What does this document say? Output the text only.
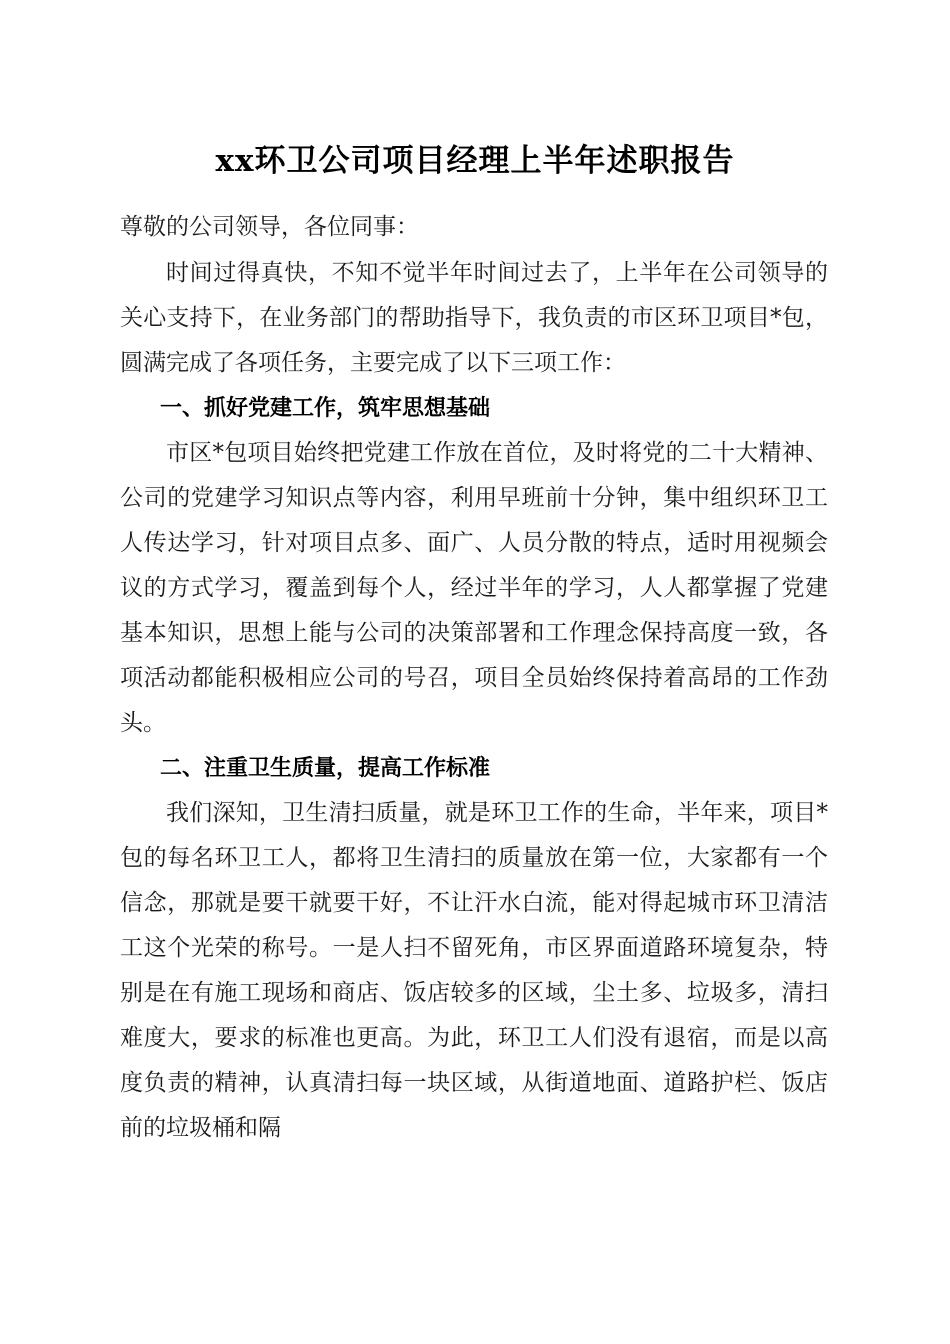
xx环卫公司项目经理上半年述职报告

尊敬的公司领导，各位同事：

时间过得真快，不知不觉半年时间过去了，上半年在公司领导的关心支持下，在业务部门的帮助指导下，我负责的市区环卫项目*包，圆满完成了各项任务，主要完成了以下三项工作：

一、抓好党建工作，筑牢思想基础

市区*包项目始终把党建工作放在首位，及时将党的二十大精神、公司的党建学习知识点等内容，利用早班前十分钟，集中组织环卫工人传达学习，针对项目点多、面广、人员分散的特点，适时用视频会议的方式学习，覆盖到每个人，经过半年的学习，人人都掌握了党建基本知识，思想上能与公司的决策部署和工作理念保持高度一致，各项活动都能积极相应公司的号召，项目全员始终保持着高昂的工作劲头。

二、注重卫生质量，提高工作标准

我们深知，卫生清扫质量，就是环卫工作的生命，半年来，项目*包的每名环卫工人，都将卫生清扫的质量放在第一位，大家都有一个信念，那就是要干就要干好，不让汗水白流，能对得起城市环卫清洁工这个光荣的称号。一是人扫不留死角，市区界面道路环境复杂，特别是在有施工现场和商店、饭店较多的区域，尘土多、垃圾多，清扫难度大，要求的标准也更高。为此，环卫工人们没有退宿，而是以高度负责的精神，认真清扫每一块区域，从街道地面、道路护栏、饭店前的垃圾桶和隔
